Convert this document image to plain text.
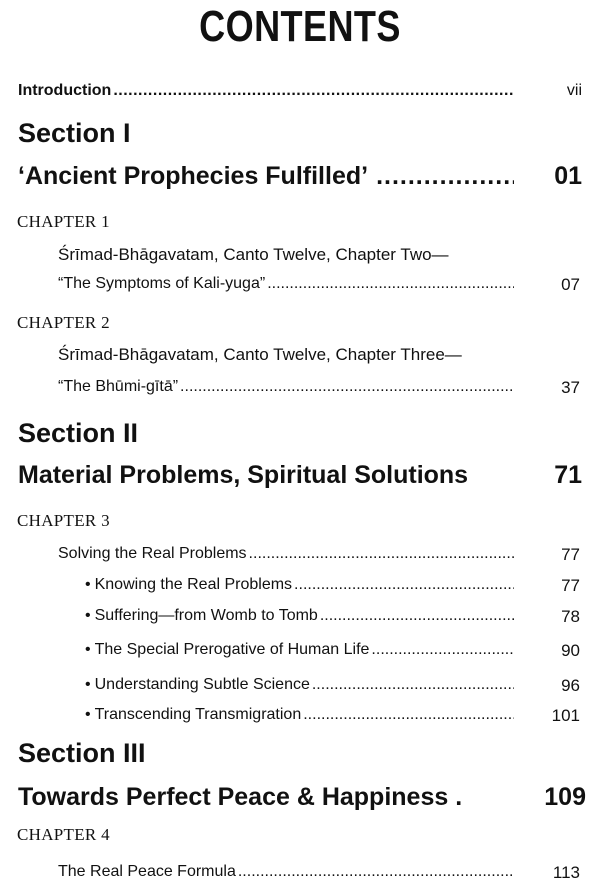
CONTENTS
Introduction .....	vii
Section I
‘Ancient Prophecies Fulfilled’ .....	01
CHAPTER 1
Śrīmad-Bhāgavatam, Canto Twelve, Chapter Two—
“The Symptoms of Kali-yuga” .....	07
CHAPTER 2
Śrīmad-Bhāgavatam, Canto Twelve, Chapter Three—
“The Bhūmi-gītā” .....	37
Section II
Material Problems, Spiritual Solutions	71
CHAPTER 3
Solving the Real Problems .....	77
• Knowing the Real Problems .....	77
• Suffering—from Womb to Tomb .....	78
• The Special Prerogative of Human Life .....	90
• Understanding Subtle Science .....	96
• Transcending Transmigration .....	101
Section III
Towards Perfect Peace & Happiness .	109
CHAPTER 4
The Real Peace Formula .....	113
